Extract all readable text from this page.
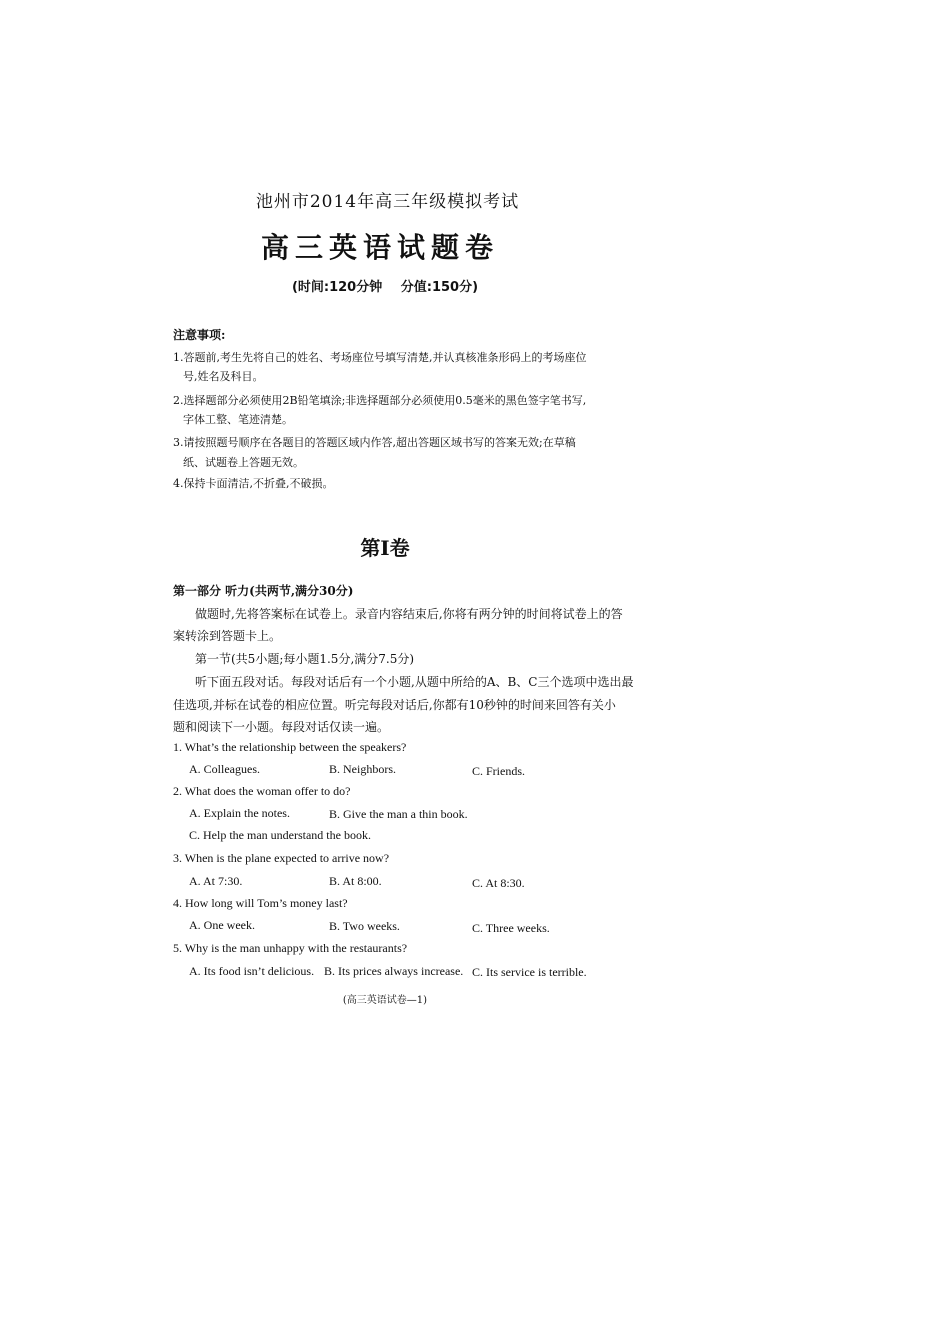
池州市2014年高三年级模拟考试
高三英语试题卷
(时间:120分钟 分值:150分)
注意事项:
1.答题前,考生先将自己的姓名、考场座位号填写清楚,并认真核准条形码上的考场座位
号,姓名及科目。
2.选择题部分必须使用2B铅笔填涂;非选择题部分必须使用0.5毫米的黑色签字笔书写,
字体工整、笔迹清楚。
3.请按照题号顺序在各题目的答题区域内作答,超出答题区域书写的答案无效;在草稿
纸、试题卷上答题无效。
4.保持卡面清洁,不折叠,不破损。
第I卷
第一部分 听力(共两节,满分30分)
做题时,先将答案标在试卷上。录音内容结束后,你将有两分钟的时间将试卷上的答
案转涂到答题卡上。
第一节(共5小题;每小题1.5分,满分7.5分)
听下面五段对话。每段对话后有一个小题,从题中所给的A、B、C三个选项中选出最
佳选项,并标在试卷的相应位置。听完每段对话后,你都有10秒钟的时间来回答有关小
题和阅读下一小题。每段对话仅读一遍。
1. What’s the relationship between the speakers?
A. Colleagues.	B. Neighbors.	C. Friends.
2. What does the woman offer to do?
A. Explain the notes.	B. Give the man a thin book.
C. Help the man understand the book.
3. When is the plane expected to arrive now?
A. At 7:30.	B. At 8:00.	C. At 8:30.
4. How long will Tom’s money last?
A. One week.	B. Two weeks.	C. Three weeks.
5. Why is the man unhappy with the restaurants?
A. Its food isn’t delicious. B. Its prices always increase. C. Its service is terrible.
(高三英语试卷—1)
